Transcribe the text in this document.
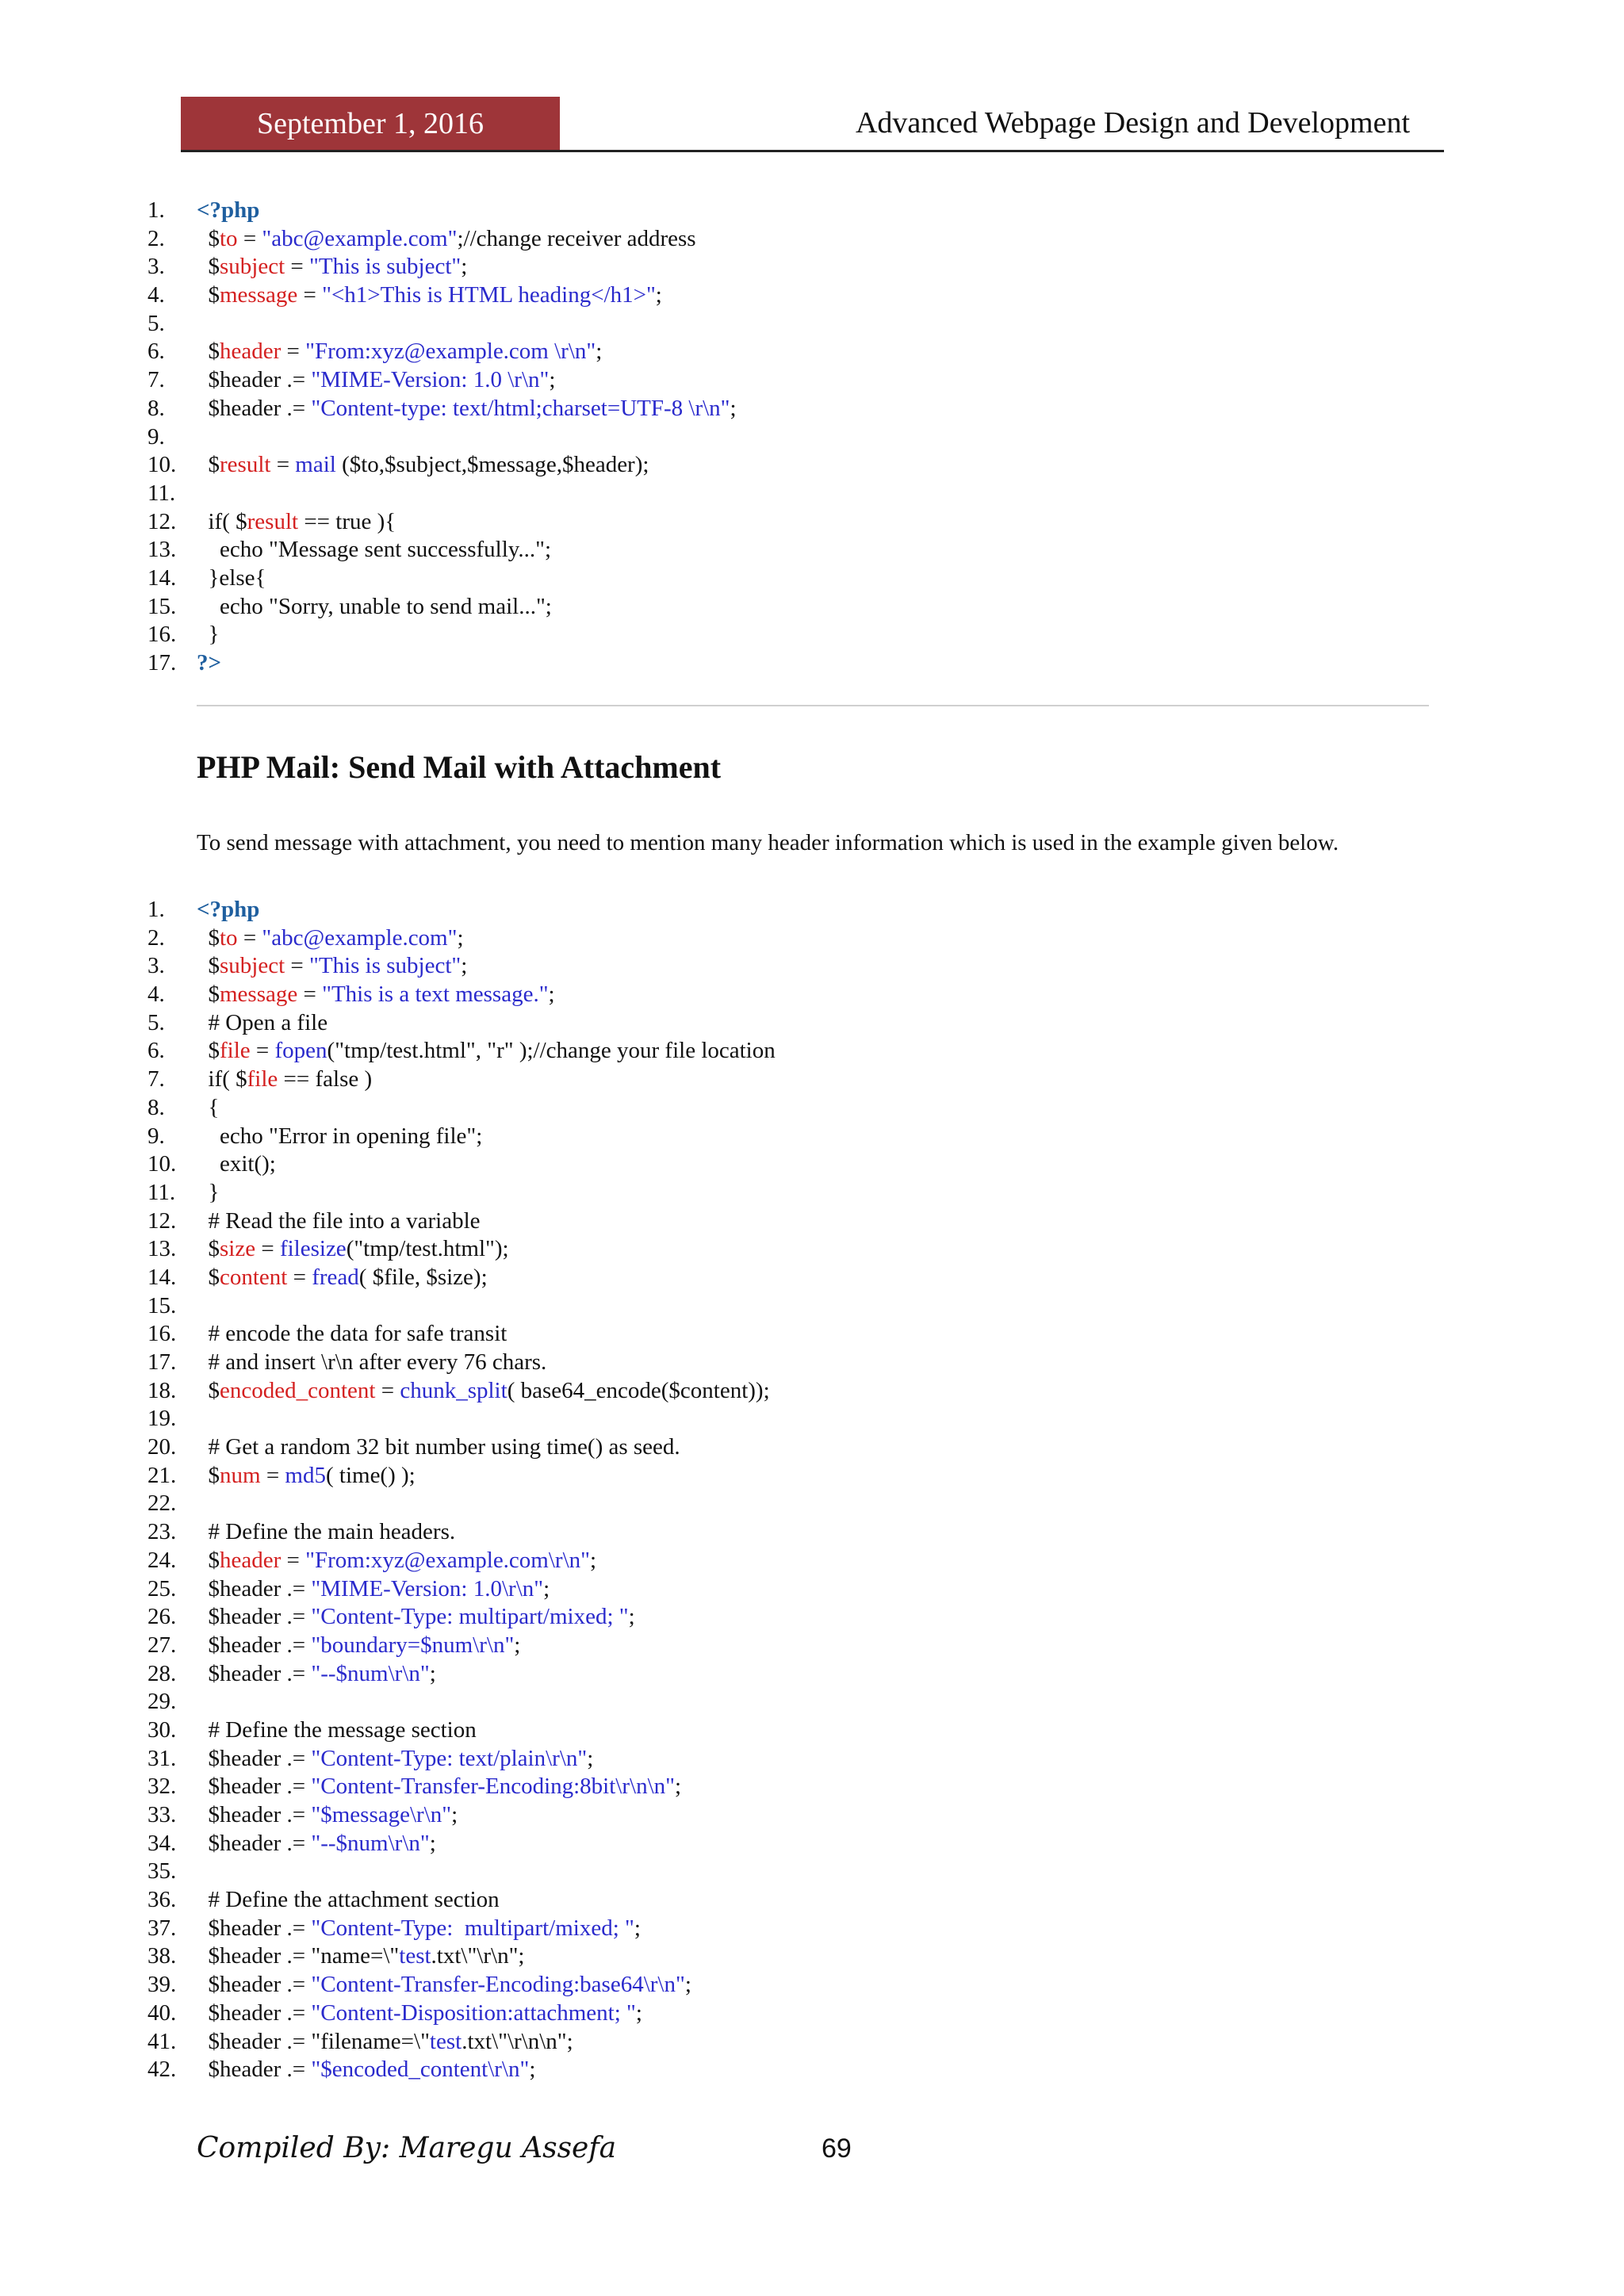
September 1, 2016	Advanced Webpage Design and Development
1. <?php
2. $to = "abc@example.com";//change receiver address
3. $subject = "This is subject";
4. $message = "<h1>This is HTML heading</h1>";
5.
6. $header = "From:xyz@example.com \r\n";
7. $header .= "MIME-Version: 1.0 \r\n";
8. $header .= "Content-type: text/html;charset=UTF-8 \r\n";
9.
10. $result = mail ($to,$subject,$message,$header);
11.
12. if( $result == true ){
13. echo "Message sent successfully...";
14. }else{
15. echo "Sorry, unable to send mail...";
16. }
17. ?>
PHP Mail: Send Mail with Attachment
To send message with attachment, you need to mention many header information which is used in the example given below.
1. <?php
2. $to = "abc@example.com";
3. $subject = "This is subject";
4. $message = "This is a text message.";
5. # Open a file
6. $file = fopen("tmp/test.html", "r" );//change your file location
7. if( $file == false )
8. {
9. echo "Error in opening file";
10. exit();
11. }
12. # Read the file into a variable
13. $size = filesize("tmp/test.html");
14. $content = fread( $file, $size);
15.
16. # encode the data for safe transit
17. # and insert \r\n after every 76 chars.
18. $encoded_content = chunk_split( base64_encode($content));
19.
20. # Get a random 32 bit number using time() as seed.
21. $num = md5( time() );
22.
23. # Define the main headers.
24. $header = "From:xyz@example.com\r\n";
25. $header .= "MIME-Version: 1.0\r\n";
26. $header .= "Content-Type: multipart/mixed; ";
27. $header .= "boundary=$num\r\n";
28. $header .= "--$num\r\n";
29.
30. # Define the message section
31. $header .= "Content-Type: text/plain\r\n";
32. $header .= "Content-Transfer-Encoding:8bit\r\n\n";
33. $header .= "$message\r\n";
34. $header .= "--$num\r\n";
35.
36. # Define the attachment section
37. $header .= "Content-Type:  multipart/mixed; ";
38. $header .= "name=\"test.txt\"\r\n";
39. $header .= "Content-Transfer-Encoding:base64\r\n";
40. $header .= "Content-Disposition:attachment; ";
41. $header .= "filename=\"test.txt\"\r\n\n";
42. $header .= "$encoded_content\r\n";
Compiled By: Maregu Assefa	69
